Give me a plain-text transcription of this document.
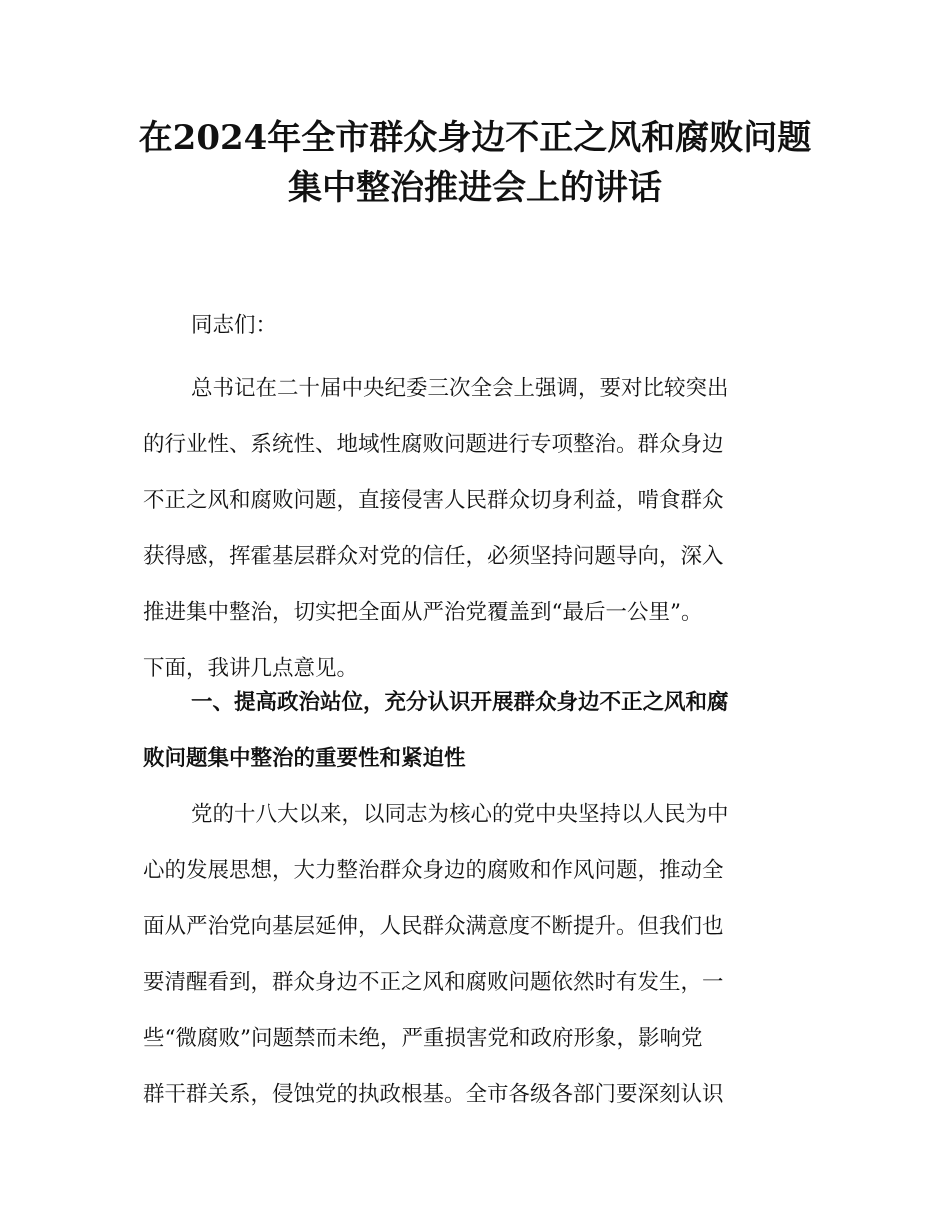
在2024年全市群众身边不正之风和腐败问题
集中整治推进会上的讲话

同志们：

总书记在二十届中央纪委三次全会上强调，要对比较突出
的行业性、系统性、地域性腐败问题进行专项整治。群众身边
不正之风和腐败问题，直接侵害人民群众切身利益，啃食群众
获得感，挥霍基层群众对党的信任，必须坚持问题导向，深入
推进集中整治，切实把全面从严治党覆盖到“最后一公里”。
下面，我讲几点意见。
一、提高政治站位，充分认识开展群众身边不正之风和腐
败问题集中整治的重要性和紧迫性
党的十八大以来，以同志为核心的党中央坚持以人民为中
心的发展思想，大力整治群众身边的腐败和作风问题，推动全
面从严治党向基层延伸，人民群众满意度不断提升。但我们也
要清醒看到，群众身边不正之风和腐败问题依然时有发生，一
些“微腐败”问题禁而未绝，严重损害党和政府形象，影响党
群干群关系，侵蚀党的执政根基。全市各级各部门要深刻认识
